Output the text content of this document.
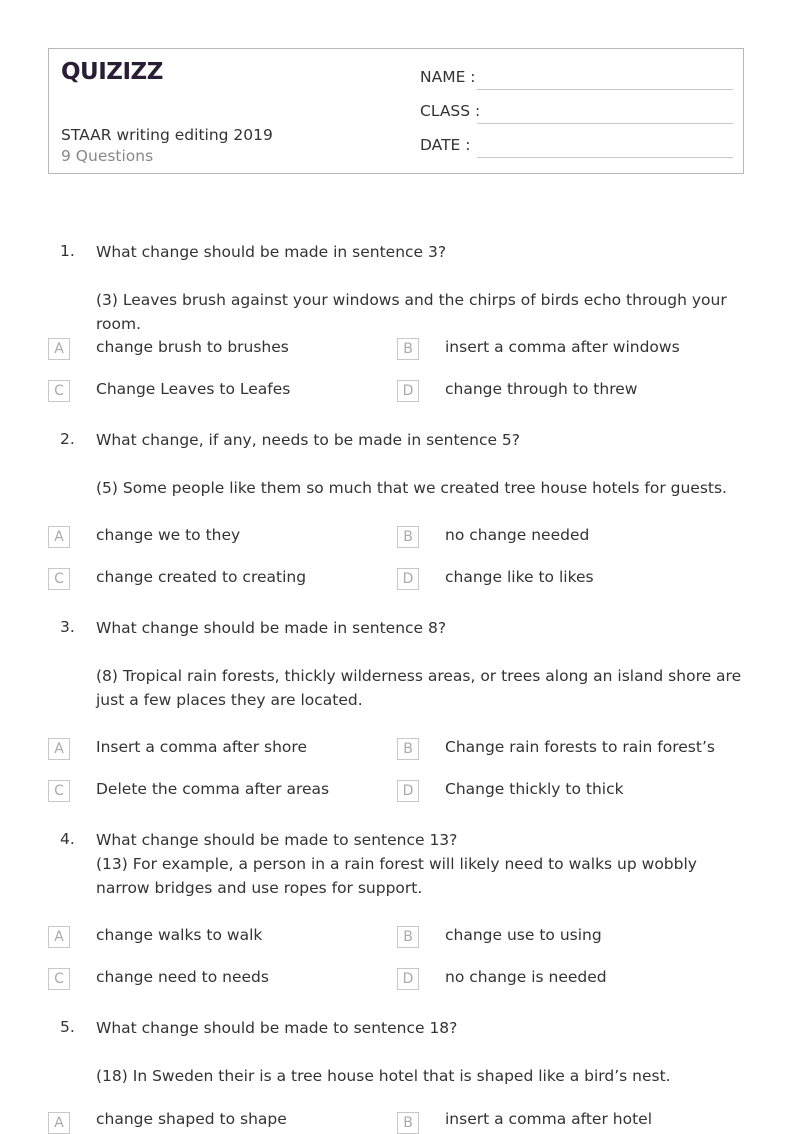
QUIZIZZ
STAAR writing editing 2019
9 Questions
NAME :
CLASS :
DATE :
1. What change should be made in sentence 3?
(3) Leaves brush against your windows and the chirps of birds echo through your room.
A	change brush to brushes	B	insert a comma after windows
C	Change Leaves to Leafes	D	change through to threw
2. What change, if any, needs to be made in sentence 5?
(5) Some people like them so much that we created tree house hotels for guests.
A	change we to they	B	no change needed
C	change created to creating	D	change like to likes
3. What change should be made in sentence 8?
(8) Tropical rain forests, thickly wilderness areas, or trees along an island shore are just a few places they are located.
A	Insert a comma after shore	B	Change rain forests to rain forest’s
C	Delete the comma after areas	D	Change thickly to thick
4. What change should be made to sentence 13?
(13) For example, a person in a rain forest will likely need to walks up wobbly narrow bridges and use ropes for support.
A	change walks to walk	B	change use to using
C	change need to needs	D	no change is needed
5. What change should be made to sentence 18?
(18) In Sweden their is a tree house hotel that is shaped like a bird’s nest.
A	change shaped to shape	B	insert a comma after hotel
